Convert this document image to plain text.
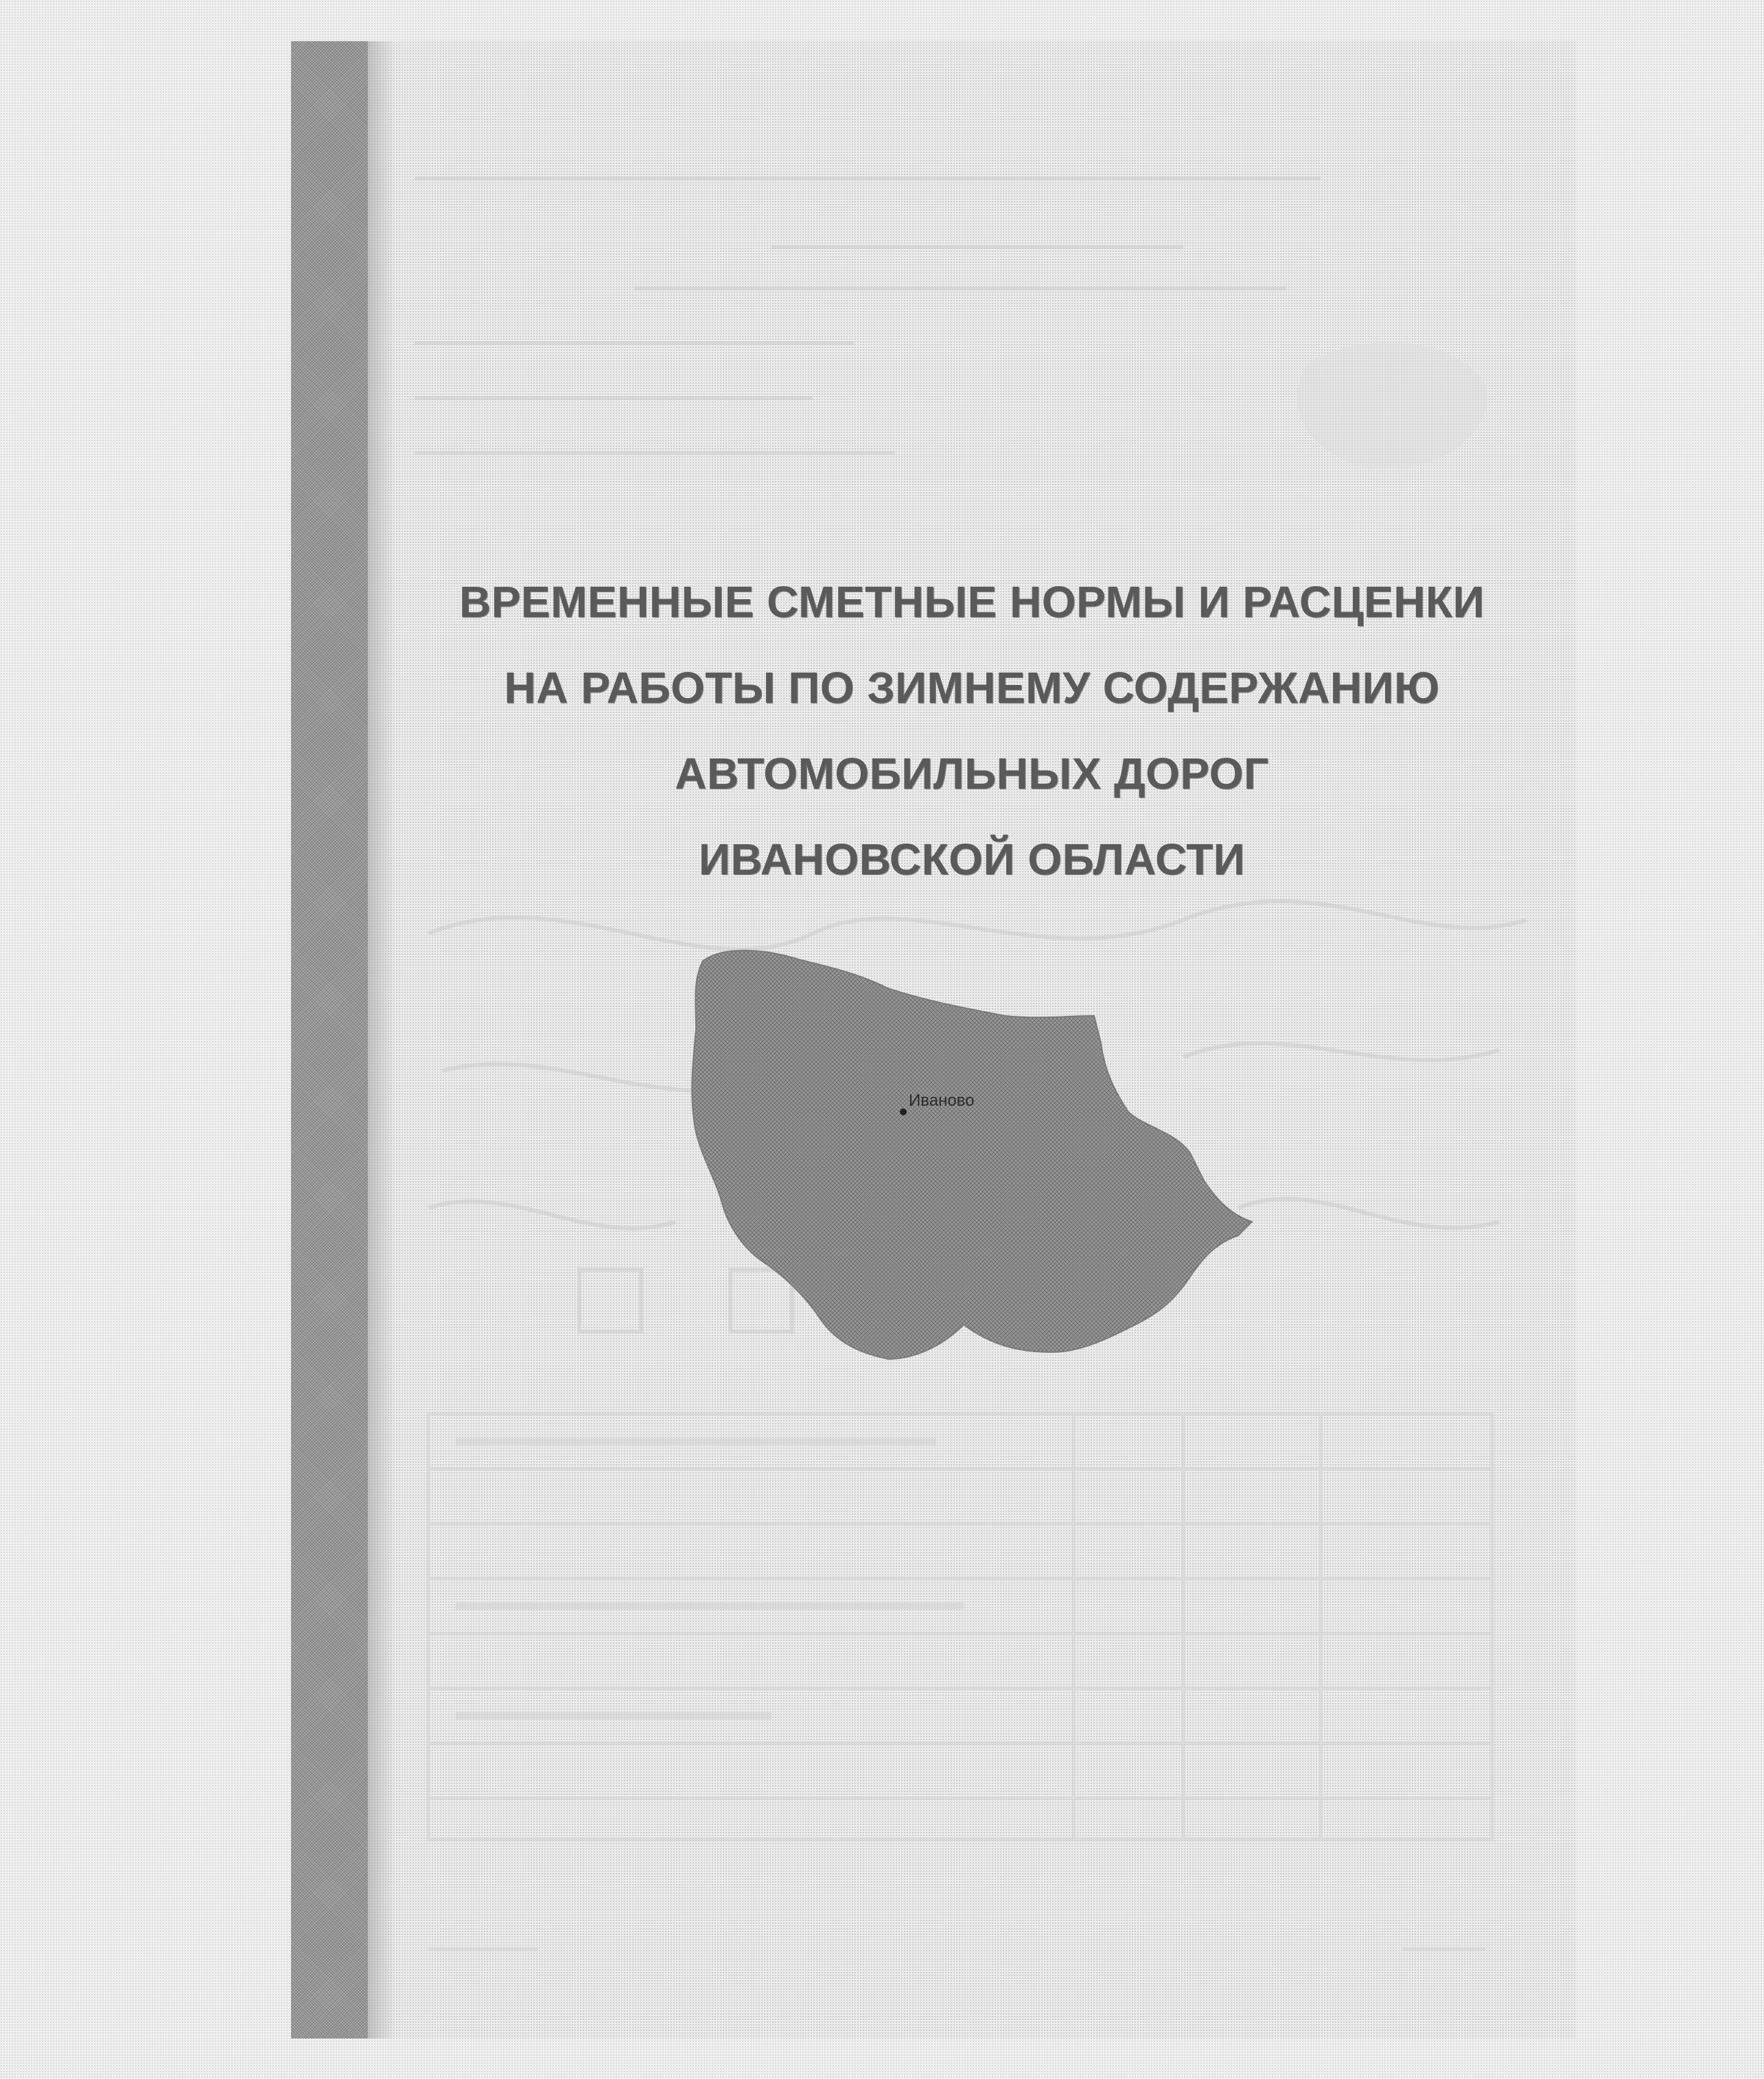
ВРЕМЕННЫЕ СМЕТНЫЕ НОРМЫ И РАСЦЕНКИ
НА РАБОТЫ ПО ЗИМНЕМУ СОДЕРЖАНИЮ
АВТОМОБИЛЬНЫХ ДОРОГ
ИВАНОВСКОЙ ОБЛАСТИ
Иваново
